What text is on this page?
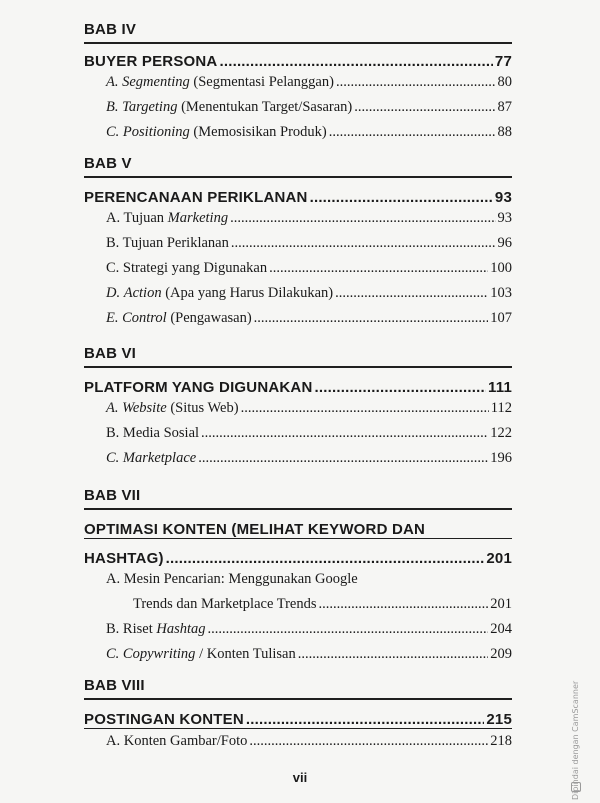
BAB IV
BUYER PERSONA .....	77
A. Segmenting (Segmentasi Pelanggan) .....	80
B. Targeting (Menentukan Target/Sasaran) .....	87
C. Positioning (Memosisikan Produk) .....	88
BAB V
PERENCANAAN PERIKLANAN .....	93
A. Tujuan Marketing .....	93
B. Tujuan Periklanan .....	96
C. Strategi yang Digunakan .....	100
D. Action (Apa yang Harus Dilakukan) .....	103
E. Control (Pengawasan) .....	107
BAB VI
PLATFORM YANG DIGUNAKAN .....	111
A. Website (Situs Web) .....	112
B. Media Sosial .....	122
C. Marketplace .....	196
BAB VII
OPTIMASI KONTEN (MELIHAT KEYWORD DAN
HASHTAG) .....	201
A. Mesin Pencarian: Menggunakan Google
Trends dan Marketplace Trends .....	201
B. Riset Hashtag .....	204
C. Copywriting / Konten Tulisan .....	209
BAB VIII
POSTINGAN KONTEN .....	215
A. Konten Gambar/Foto .....	218
vii	Dipindai dengan CamScanner
